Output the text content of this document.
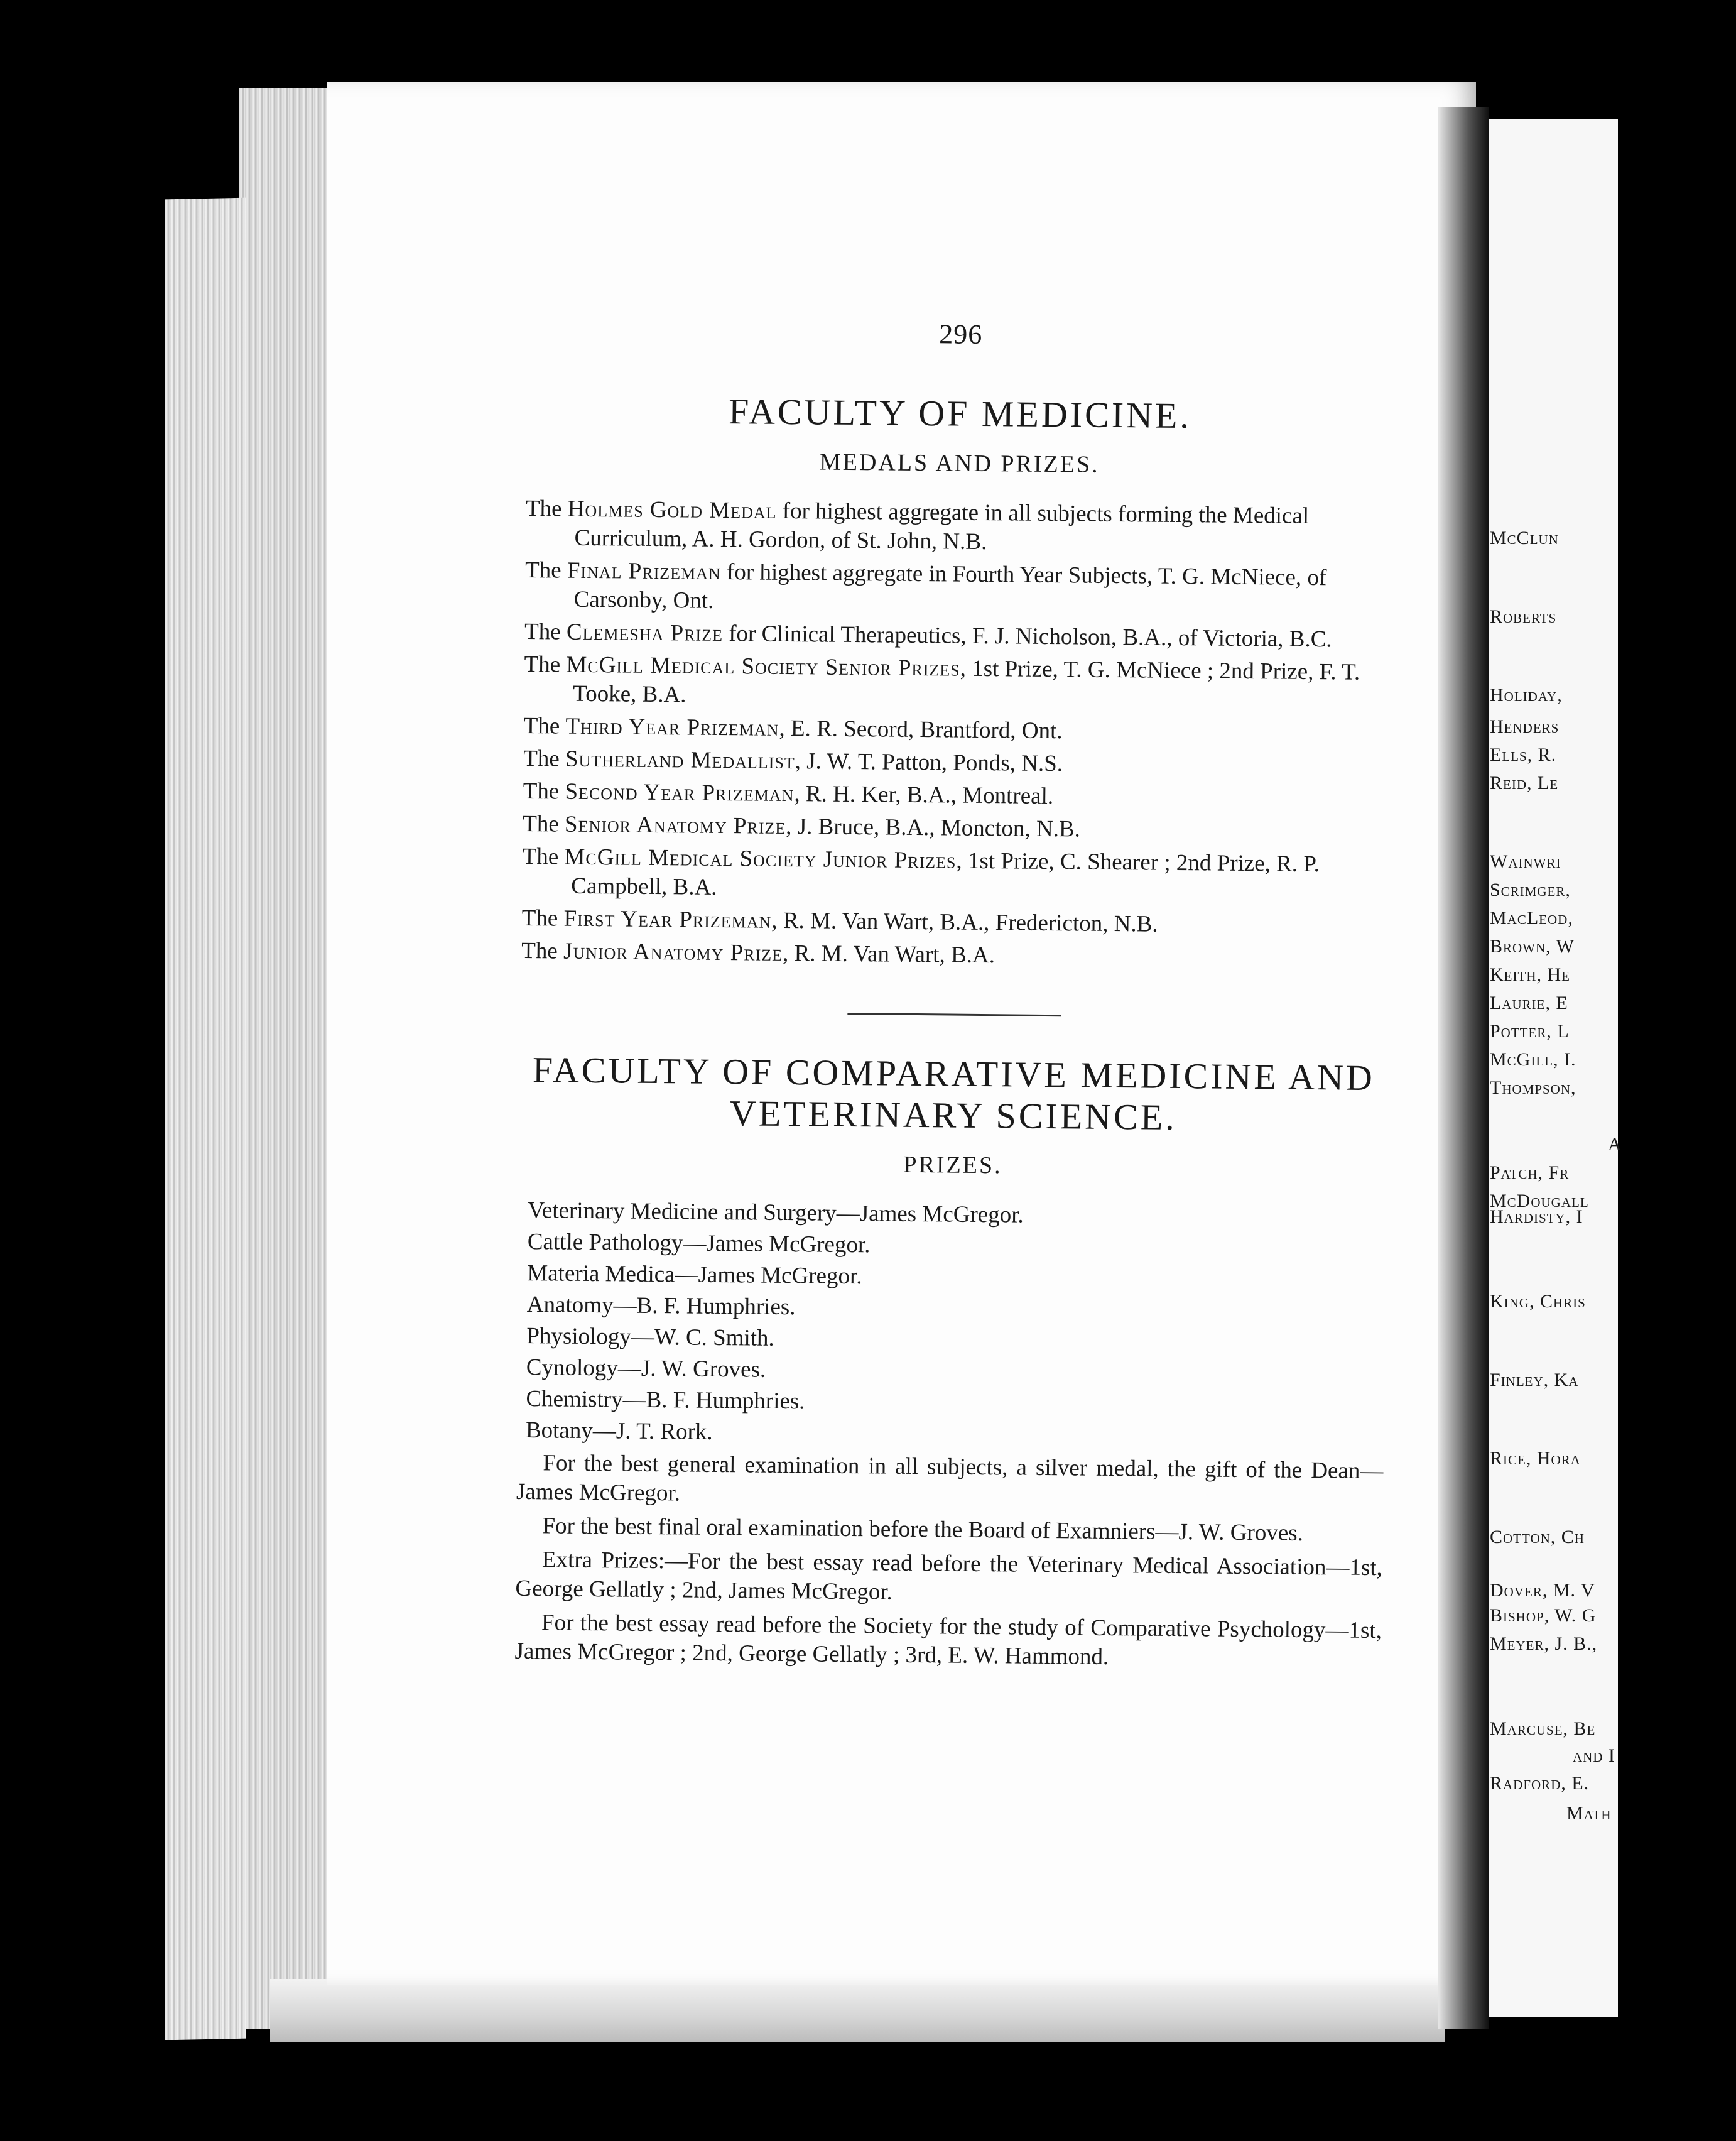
296
FACULTY OF MEDICINE.
MEDALS AND PRIZES.

The Holmes Gold Medal for highest aggregate in all subjects forming the Medical Curriculum, A. H. Gordon, of St. John, N.B.

The Final Prizeman for highest aggregate in Fourth Year Subjects, T. G. McNiece, of Carsonby, Ont.

The Clemesha Prize for Clinical Therapeutics, F. J. Nicholson, B.A., of Victoria, B.C.

The McGill Medical Society Senior Prizes, 1st Prize, T. G. McNiece ; 2nd Prize, F. T. Tooke, B.A.

The Third Year Prizeman, E. R. Secord, Brantford, Ont.

The Sutherland Medallist, J. W. T. Patton, Ponds, N.S.

The Second Year Prizeman, R. H. Ker, B.A., Montreal.

The Senior Anatomy Prize, J. Bruce, B.A., Moncton, N.B.

The McGill Medical Society Junior Prizes, 1st Prize, C. Shearer ; 2nd Prize, R. P. Campbell, B.A.

The First Year Prizeman, R. M. Van Wart, B.A., Fredericton, N.B.

The Junior Anatomy Prize, R. M. Van Wart, B.A.

FACULTY OF COMPARATIVE MEDICINE AND
VETERINARY SCIENCE.
PRIZES.
Veterinary Medicine and Surgery—James McGregor.
Cattle Pathology—James McGregor.
Materia Medica—James McGregor.
Anatomy—B. F. Humphries.
Physiology—W. C. Smith.
Cynology—J. W. Groves.
Chemistry—B. F. Humphries.
Botany—J. T. Rork.

For the best general examination in all subjects, a silver medal, the gift of the Dean—James McGregor.

For the best final oral examination before the Board of Examniers—J. W. Groves.

Extra Prizes:—For the best essay read before the Veterinary Medical Association—1st, George Gellatly ; 2nd, James McGregor.

For the best essay read before the Society for the study of Comparative Psychology—1st, James McGregor ; 2nd, George Gellatly ; 3rd, E. W. Hammond.

McClun
Roberts
Holiday,
Henders
Ells, R.
Reid, Le
Wainwri
Scrimger,
MacLeod,
Brown, W
Keith, He
Laurie, E
Potter, L
McGill, I.
Thompson,
A
Patch, Fr
McDougall
Hardisty, I
King, Chris
Finley, Ka
Rice, Hora
Cotton, Ch
Dover, M. V
Bishop, W. G
Meyer, J. B.,
Marcuse, Be
and I
Radford, E.
Math
